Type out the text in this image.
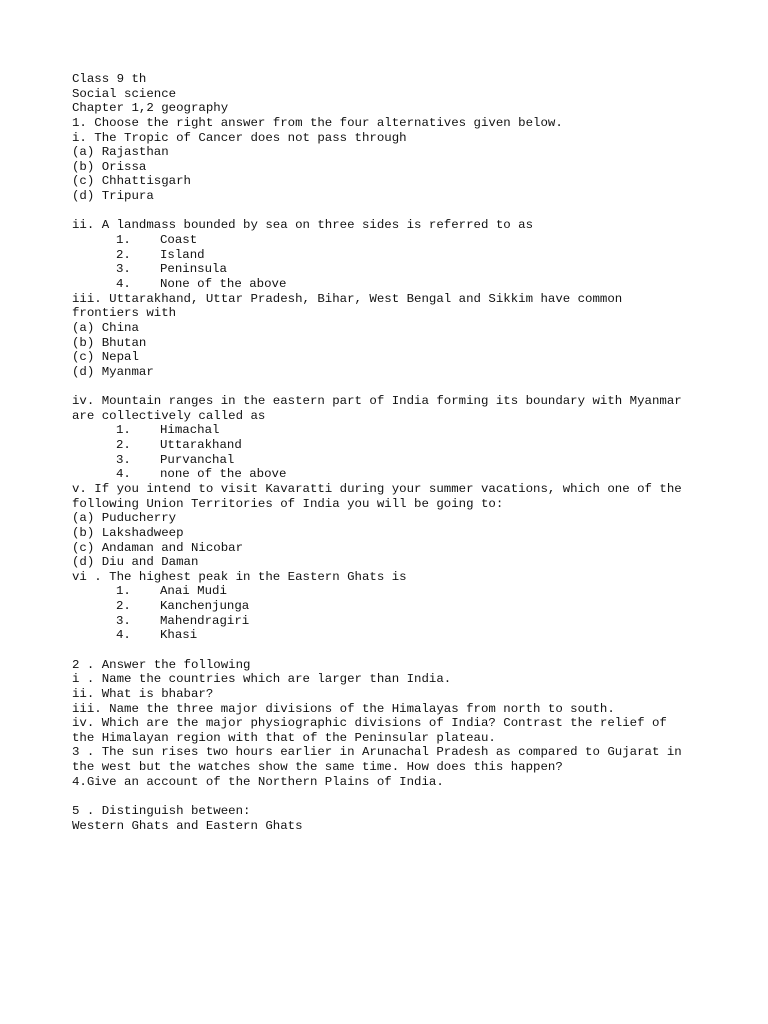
Class 9 th
Social science
Chapter 1,2 geography
1. Choose the right answer from the four alternatives given below.
i. The Tropic of Cancer does not pass through
(a) Rajasthan
(b) Orissa
(c) Chhattisgarh
(d) Tripura
ii. A landmass bounded by sea on three sides is referred to as
1.	Coast
2.	Island
3.	Peninsula
4.	None of the above
iii. Uttarakhand, Uttar Pradesh, Bihar, West Bengal and Sikkim have common
frontiers with
(a) China
(b) Bhutan
(c) Nepal
(d) Myanmar
iv. Mountain ranges in the eastern part of India forming its boundary with Myanmar
are collectively called as
1.	Himachal
2.	Uttarakhand
3.	Purvanchal
4.	none of the above
v. If you intend to visit Kavaratti during your summer vacations, which one of the
following Union Territories of India you will be going to:
(a) Puducherry
(b) Lakshadweep
(c) Andaman and Nicobar
(d) Diu and Daman
vi . The highest peak in the Eastern Ghats is
1.	Anai Mudi
2.	Kanchenjunga
3.	Mahendragiri
4.	Khasi
2 . Answer the following
i . Name the countries which are larger than India.
ii. What is bhabar?
iii. Name the three major divisions of the Himalayas from north to south.
iv. Which are the major physiographic divisions of India? Contrast the relief of
the Himalayan region with that of the Peninsular plateau.
3 . The sun rises two hours earlier in Arunachal Pradesh as compared to Gujarat in
the west but the watches show the same time. How does this happen?
4.Give an account of the Northern Plains of India.
5 . Distinguish between:
Western Ghats and Eastern Ghats
